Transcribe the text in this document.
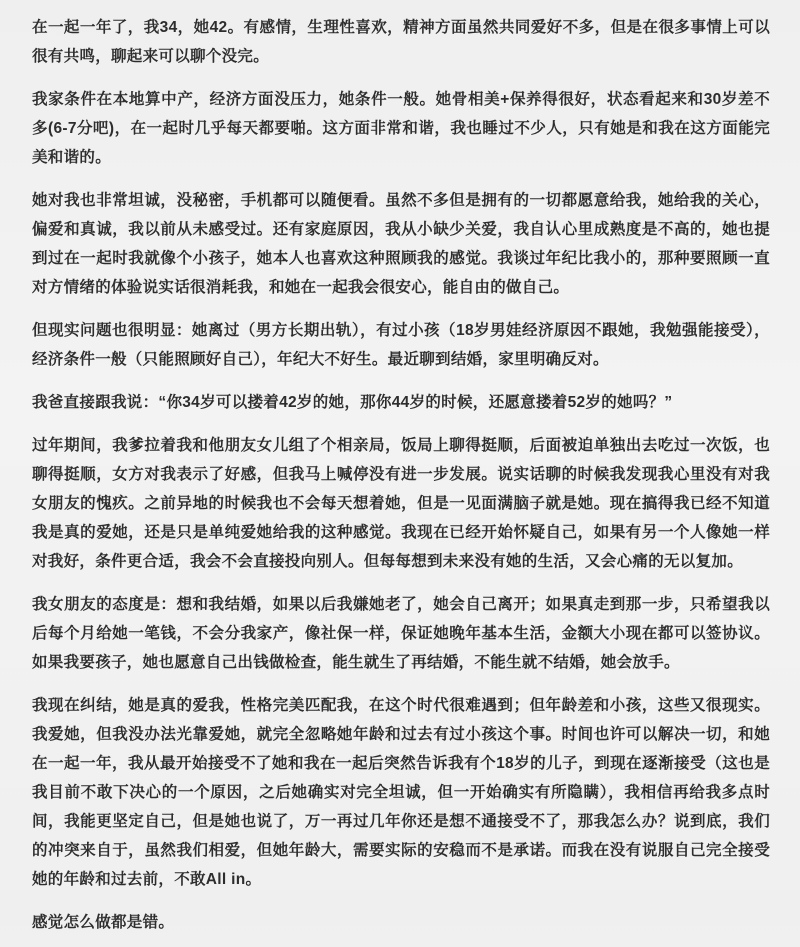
在一起一年了，我34，她42。有感情，生理性喜欢，精神方面虽然共同爱好不多，但是在很多事情上可以很有共鸣，聊起来可以聊个没完。

我家条件在本地算中产，经济方面没压力，她条件一般。她骨相美+保养得很好，状态看起来和30岁差不多(6-7分吧)，在一起时几乎每天都要啪。这方面非常和谐，我也睡过不少人，只有她是和我在这方面能完美和谐的。

她对我也非常坦诚，没秘密，手机都可以随便看。虽然不多但是拥有的一切都愿意给我，她给我的关心，偏爱和真诚，我以前从未感受过。还有家庭原因，我从小缺少关爱，我自认心里成熟度是不高的，她也提到过在一起时我就像个小孩子，她本人也喜欢这种照顾我的感觉。我谈过年纪比我小的，那种要照顾一直对方情绪的体验说实话很消耗我，和她在一起我会很安心，能自由的做自己。

但现实问题也很明显：她离过（男方长期出轨），有过小孩（18岁男娃经济原因不跟她，我勉强能接受），经济条件一般（只能照顾好自己），年纪大不好生。最近聊到结婚，家里明确反对。

我爸直接跟我说：“你34岁可以搂着42岁的她，那你44岁的时候，还愿意搂着52岁的她吗？”

过年期间，我爹拉着我和他朋友女儿组了个相亲局，饭局上聊得挺顺，后面被迫单独出去吃过一次饭，也聊得挺顺，女方对我表示了好感，但我马上喊停没有进一步发展。说实话聊的时候我发现我心里没有对我女朋友的愧疚。之前异地的时候我也不会每天想着她，但是一见面满脑子就是她。现在搞得我已经不知道我是真的爱她，还是只是单纯爱她给我的这种感觉。我现在已经开始怀疑自己，如果有另一个人像她一样对我好，条件更合适，我会不会直接投向别人。但每每想到未来没有她的生活，又会心痛的无以复加。

我女朋友的态度是：想和我结婚，如果以后我嫌她老了，她会自己离开；如果真走到那一步，只希望我以后每个月给她一笔钱，不会分我家产，像社保一样，保证她晚年基本生活，金额大小现在都可以签协议。如果我要孩子，她也愿意自己出钱做检查，能生就生了再结婚，不能生就不结婚，她会放手。

我现在纠结，她是真的爱我，性格完美匹配我，在这个时代很难遇到；但年龄差和小孩，这些又很现实。我爱她，但我没办法光靠爱她，就完全忽略她年龄和过去有过小孩这个事。时间也许可以解决一切，和她在一起一年，我从最开始接受不了她和我在一起后突然告诉我有个18岁的儿子，到现在逐渐接受（这也是我目前不敢下决心的一个原因，之后她确实对完全坦诚，但一开始确实有所隐瞒），我相信再给我多点时间，我能更坚定自己，但是她也说了，万一再过几年你还是想不通接受不了，那我怎么办？说到底，我们的冲突来自于，虽然我们相爱，但她年龄大，需要实际的安稳而不是承诺。而我在没有说服自己完全接受她的年龄和过去前，不敢All in。

感觉怎么做都是错。
